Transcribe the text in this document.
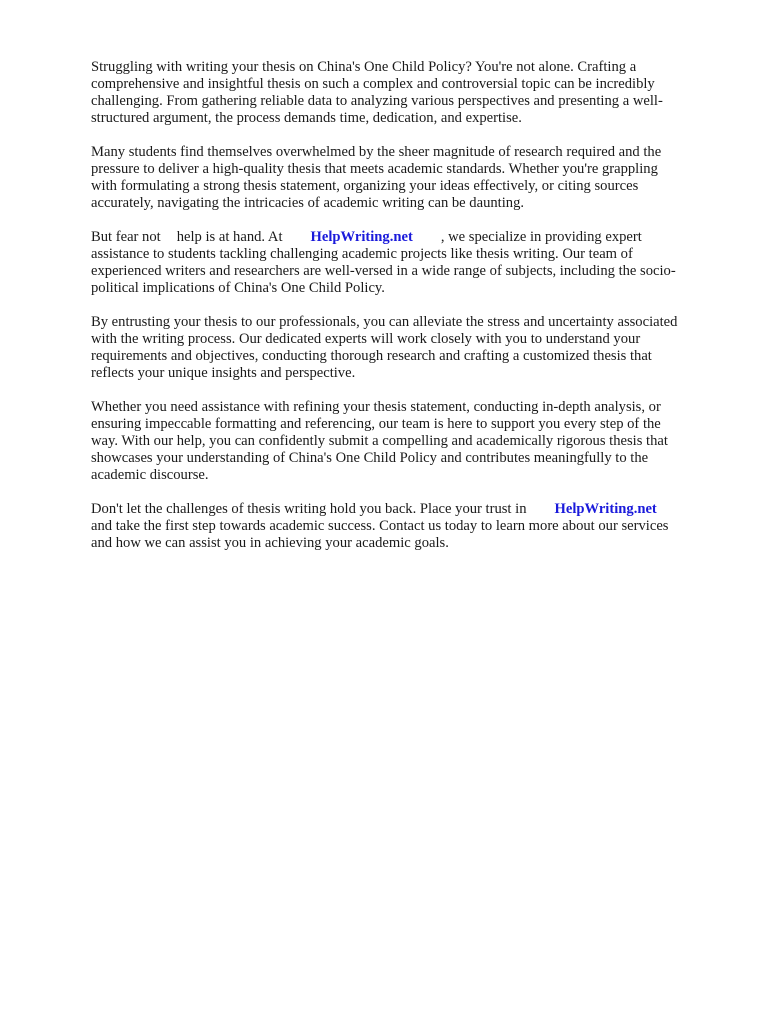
Struggling with writing your thesis on China's One Child Policy? You're not alone. Crafting a
comprehensive and insightful thesis on such a complex and controversial topic can be incredibly
challenging. From gathering reliable data to analyzing various perspectives and presenting a well-
structured argument, the process demands time, dedication, and expertise.

Many students find themselves overwhelmed by the sheer magnitude of research required and the
pressure to deliver a high-quality thesis that meets academic standards. Whether you're grappling
with formulating a strong thesis statement, organizing your ideas effectively, or citing sources
accurately, navigating the intricacies of academic writing can be daunting.

But fear not help is at hand. At HelpWriting.net , we specialize in providing expert
assistance to students tackling challenging academic projects like thesis writing. Our team of
experienced writers and researchers are well-versed in a wide range of subjects, including the socio-
political implications of China's One Child Policy.

By entrusting your thesis to our professionals, you can alleviate the stress and uncertainty associated
with the writing process. Our dedicated experts will work closely with you to understand your
requirements and objectives, conducting thorough research and crafting a customized thesis that
reflects your unique insights and perspective.

Whether you need assistance with refining your thesis statement, conducting in-depth analysis, or
ensuring impeccable formatting and referencing, our team is here to support you every step of the
way. With our help, you can confidently submit a compelling and academically rigorous thesis that
showcases your understanding of China's One Child Policy and contributes meaningfully to the
academic discourse.

Don't let the challenges of thesis writing hold you back. Place your trust in HelpWriting.net
and take the first step towards academic success. Contact us today to learn more about our services
and how we can assist you in achieving your academic goals.
